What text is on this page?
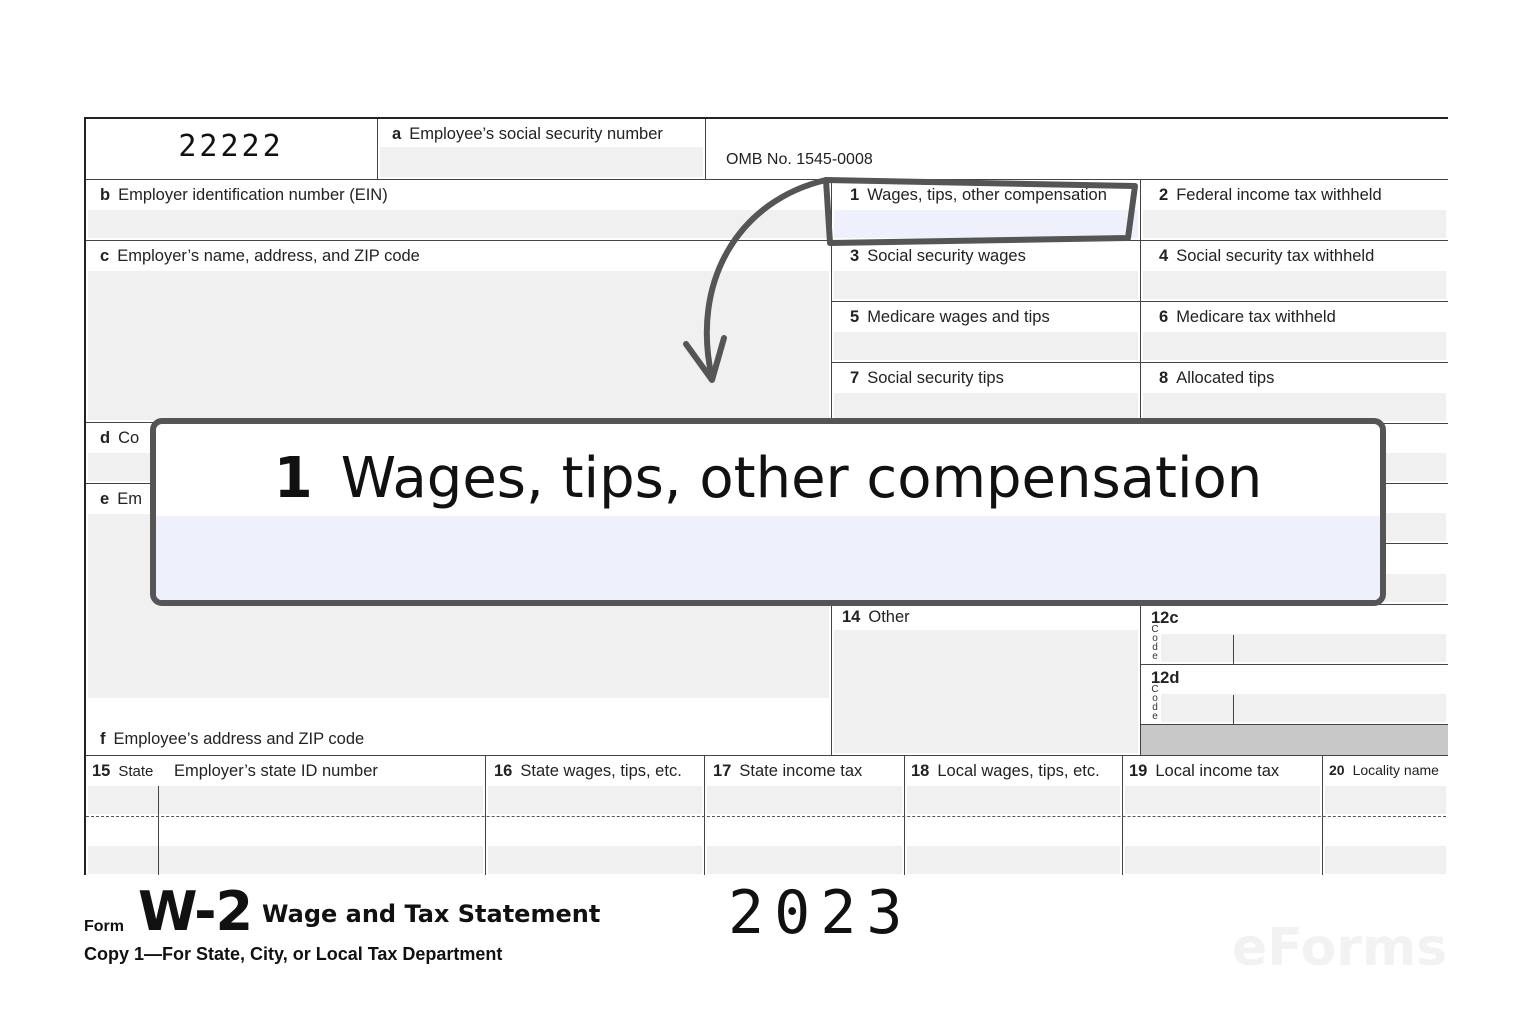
22222	a Employee’s social security number
OMB No. 1545-0008
b Employer identification number (EIN)
c Employer’s name, address, and ZIP code
d Co
e Em
f Employee’s address and ZIP code
1 Wages, tips, other compensation	2 Federal income tax withheld
3 Social security wages	4 Social security tax withheld
5 Medicare wages and tips	6 Medicare tax withheld
7 Social security tips	8 Allocated tips
14 Other	12c
C
o
d
e
12d
C
o
d
e
15 State Employer’s state ID number	16 State wages, tips, etc. 17 State income tax	18 Local wages, tips, etc. 19 Local income tax	20 Locality name
1 Wages, tips, other compensation
Form W-2 Wage and Tax Statement 2023
Copy 1—For State, City, or Local Tax Department	eForms
